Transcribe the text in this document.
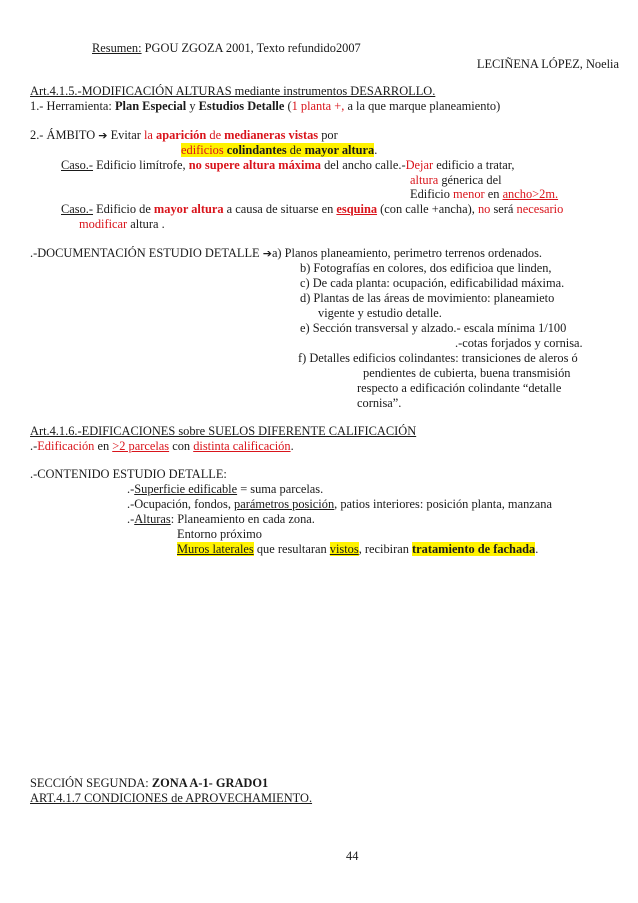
Resumen: PGOU ZGOZA 2001, Texto refundido2007
LECIÑENA LÓPEZ, Noelia
Art.4.1.5.-MODIFICACIÓN ALTURAS mediante instrumentos DESARROLLO.
1.- Herramienta: Plan Especial y Estudios Detalle (1 planta +, a la que marque planeamiento)
2.- ÁMBITO ➔ Evitar la aparición de medianeras vistas por
edificios colindantes de mayor altura.
Caso.- Edificio limítrofe, no supere altura máxima del ancho calle.-Dejar edificio a tratar,
altura génerica del
Edificio menor en ancho>2m.
Caso.- Edificio de mayor altura a causa de situarse en esquina (con calle +ancha), no será necesario
modificar altura .
.-DOCUMENTACIÓN ESTUDIO DETALLE ➔a) Planos planeamiento, perimetro terrenos ordenados.
b) Fotografías en colores, dos edificioa que linden,
c) De cada planta: ocupación, edificabilidad máxima.
d) Plantas de las áreas de movimiento: planeamieto
vigente y estudio detalle.
e) Sección transversal y alzado.- escala mínima 1/100
.-cotas forjados y cornisa.
f) Detalles edificios colindantes: transiciones de aleros ó
pendientes de cubierta, buena transmisión
respecto a edificación colindante “detalle
cornisa”.
Art.4.1.6.-EDIFICACIONES sobre SUELOS DIFERENTE CALIFICACIÓN
.-Edificación en >2 parcelas con distinta calificación.
.-CONTENIDO ESTUDIO DETALLE:
.-Superficie edificable = suma parcelas.
.-Ocupación, fondos, parámetros posición, patios interiores: posición planta, manzana
.-Alturas: Planeamiento en cada zona.
Entorno próximo
Muros laterales que resultaran vistos, recibiran tratamiento de fachada.
SECCIÓN SEGUNDA: ZONA A-1- GRADO1
ART.4.1.7 CONDICIONES de APROVECHAMIENTO.
44
